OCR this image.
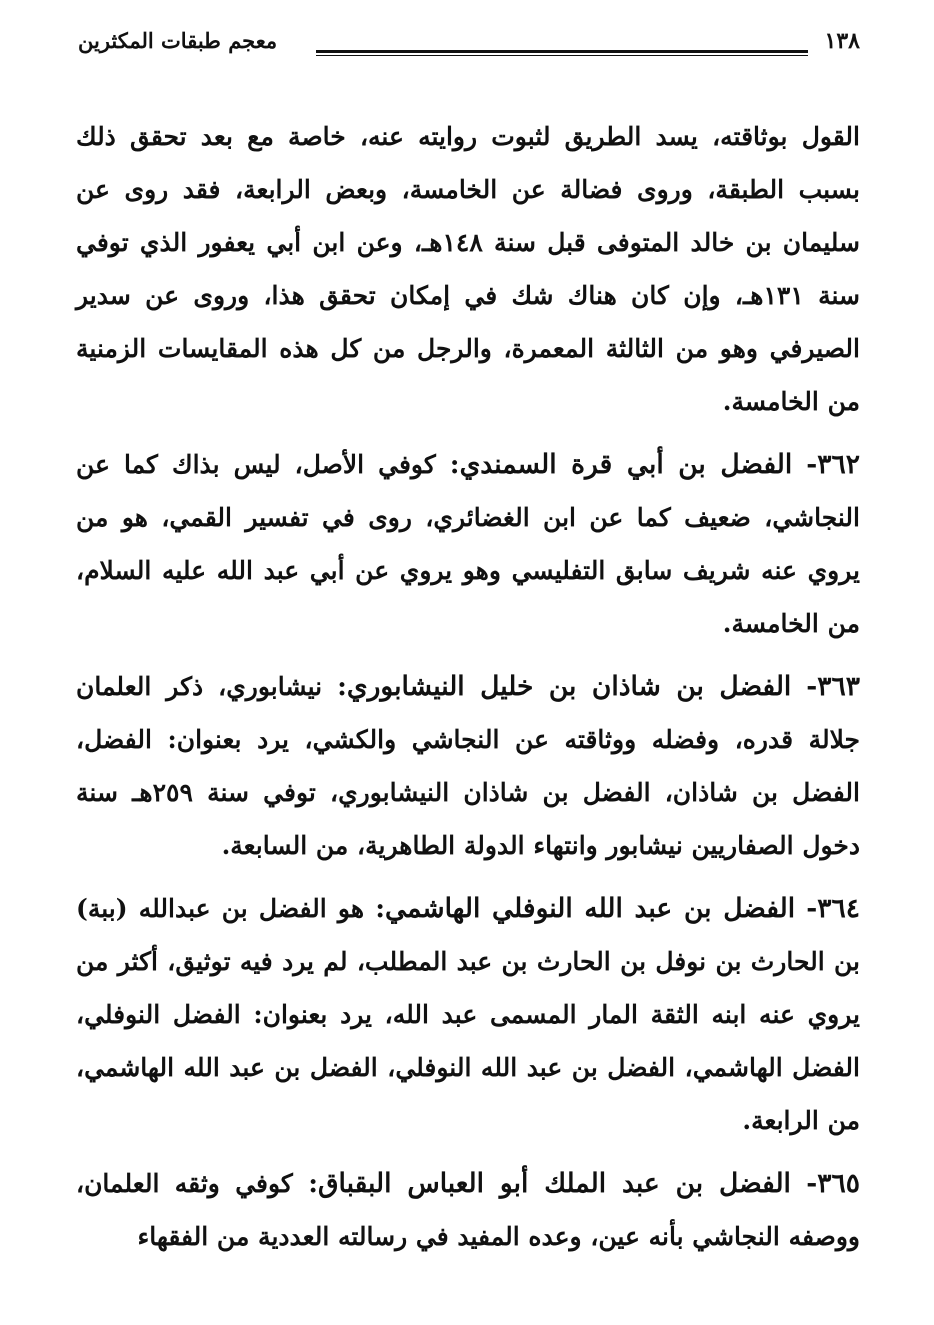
١٣٨
معجم طبقات المكثرين

القول بوثاقته، يسد الطريق لثبوت روايته عنه، خاصة مع بعد تحقق ذلك بسبب الطبقة، وروى فضالة عن الخامسة، وبعض الرابعة، فقد روى عن سليمان بن خالد المتوفى قبل سنة ١٤٨هـ، وعن ابن أبي يعفور الذي توفي سنة ١٣١هـ، وإن كان هناك شك في إمكان تحقق هذا، وروى عن سدير الصيرفي وهو من الثالثة المعمرة، والرجل من كل هذه المقايسات الزمنية من الخامسة.

٣٦٢- الفضل بن أبي قرة السمندي: كوفي الأصل، ليس بذاك كما عن النجاشي، ضعيف كما عن ابن الغضائري، روى في تفسير القمي، هو من يروي عنه شريف سابق التفليسي وهو يروي عن أبي عبد الله عليه السلام، من الخامسة.

٣٦٣- الفضل بن شاذان بن خليل النيشابوري: نيشابوري، ذكر العلمان جلالة قدره، وفضله ووثاقته عن النجاشي والكشي، يرد بعنوان: الفضل، الفضل بن شاذان، الفضل بن شاذان النيشابوري، توفي سنة ٢٥٩هـ سنة دخول الصفاريين نيشابور وانتهاء الدولة الطاهرية، من السابعة.

٣٦٤- الفضل بن عبد الله النوفلي الهاشمي: هو الفضل بن عبدالله (ببة) بن الحارث بن نوفل بن الحارث بن عبد المطلب، لم يرد فيه توثيق، أكثر من يروي عنه ابنه الثقة المار المسمى عبد الله، يرد بعنوان: الفضل النوفلي، الفضل الهاشمي، الفضل بن عبد الله النوفلي، الفضل بن عبد الله الهاشمي، من الرابعة.

٣٦٥- الفضل بن عبد الملك أبو العباس البقباق: كوفي وثقه العلمان، ووصفه النجاشي بأنه عين، وعده المفيد في رسالته العددية من الفقهاء
